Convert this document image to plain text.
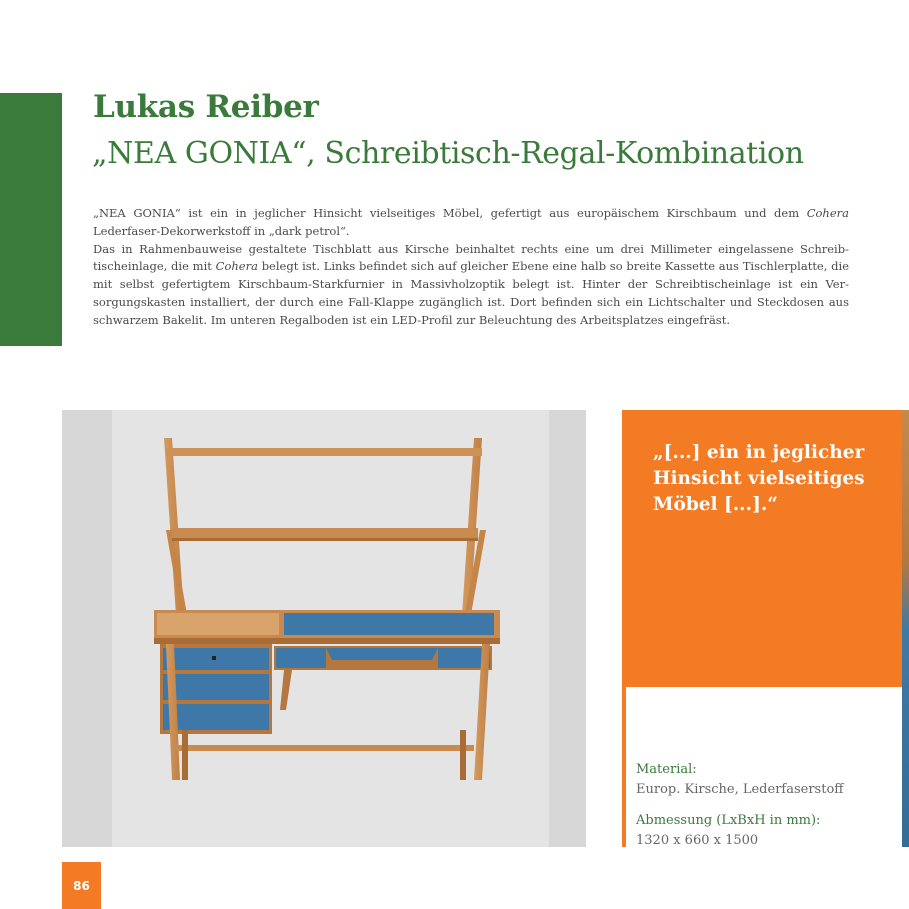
Lukas Reiber
„NEA GONIA“, Schreibtisch-Regal-Kombination

„NEA GONIA“ ist ein in jeglicher Hinsicht vielseitiges Möbel, gefertigt aus europäischem Kirschbaum und dem Cohera Lederfaser-Dekorwerkstoff in „dark petrol“.

Das in Rahmenbauweise gestaltete Tischblatt aus Kirsche beinhaltet rechts eine um drei Millimeter eingelassene Schreibtischeinlage, die mit Cohera belegt ist. Links befindet sich auf gleicher Ebene eine halb so breite Kassette aus Tischlerplatte, die mit selbst gefertigtem Kirschbaum-Starkfurnier in Massivholzoptik belegt ist. Hinter der Schreibtischeinlage ist ein Versorgungskasten installiert, der durch eine Fall-Klappe zugänglich ist. Dort befinden sich ein Lichtschalter und Steckdosen aus schwarzem Bakelit. Im unteren Regalboden ist ein LED-Profil zur Beleuchtung des Arbeitsplatzes eingefräst.

„[...] ein in jeglicher Hinsicht vielseitiges Möbel [...].“

Material:

Europ. Kirsche, Lederfaserstoff

Abmessung (LxBxH in mm):

1320 x 660 x 1500

86
